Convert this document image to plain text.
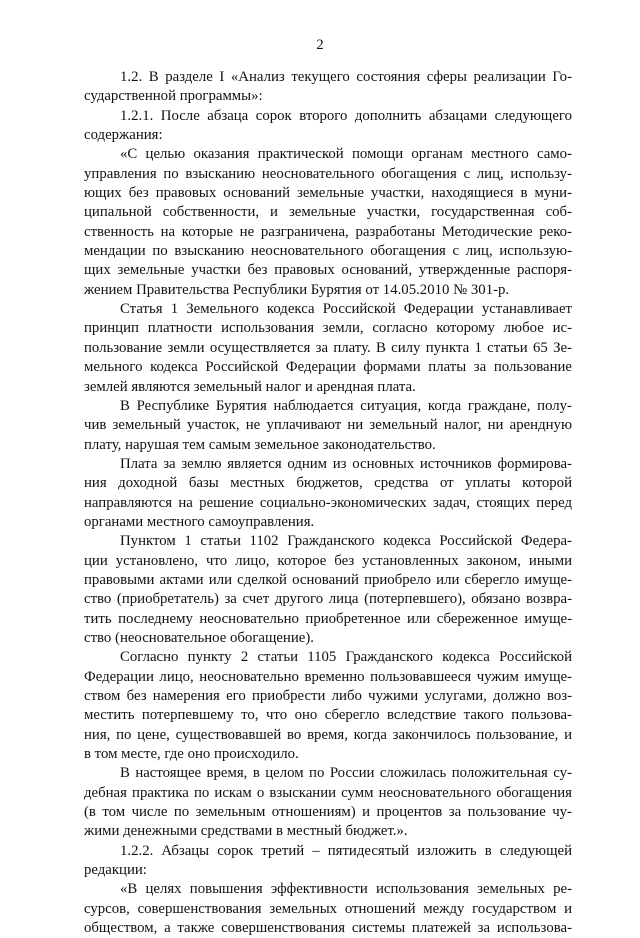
2
1.2. В разделе I «Анализ текущего состояния сферы реализации Го-
сударственной программы»:
1.2.1. После абзаца сорок второго дополнить абзацами следующего
содержания:
«С целью оказания практической помощи органам местного само-
управления по взысканию неосновательного обогащения с лиц, использу-
ющих без правовых оснований земельные участки, находящиеся в муни-
ципальной собственности, и земельные участки, государственная соб-
ственность на которые не разграничена, разработаны Методические реко-
мендации по взысканию неосновательного обогащения с лиц, использую-
щих земельные участки без правовых оснований, утвержденные распоря-
жением Правительства Республики Бурятия от 14.05.2010 № 301-р.
Статья 1 Земельного кодекса Российской Федерации устанавливает
принцип платности использования земли, согласно которому любое ис-
пользование земли осуществляется за плату. В силу пункта 1 статьи 65 Зе-
мельного кодекса Российской Федерации формами платы за пользование
землей являются земельный налог и арендная плата.
В Республике Бурятия наблюдается ситуация, когда граждане, полу-
чив земельный участок, не уплачивают ни земельный налог, ни арендную
плату, нарушая тем самым земельное законодательство.
Плата за землю является одним из основных источников формирова-
ния доходной базы местных бюджетов, средства от уплаты которой
направляются на решение социально-экономических задач, стоящих перед
органами местного самоуправления.
Пунктом 1 статьи 1102 Гражданского кодекса Российской Федера-
ции установлено, что лицо, которое без установленных законом, иными
правовыми актами или сделкой оснований приобрело или сберегло имуще-
ство (приобретатель) за счет другого лица (потерпевшего), обязано возвра-
тить последнему неосновательно приобретенное или сбереженное имуще-
ство (неосновательное обогащение).
Согласно пункту 2 статьи 1105 Гражданского кодекса Российской
Федерации лицо, неосновательно временно пользовавшееся чужим имуще-
ством без намерения его приобрести либо чужими услугами, должно воз-
местить потерпевшему то, что оно сберегло вследствие такого пользова-
ния, по цене, существовавшей во время, когда закончилось пользование, и
в том месте, где оно происходило.
В настоящее время, в целом по России сложилась положительная су-
дебная практика по искам о взыскании сумм неосновательного обогащения
(в том числе по земельным отношениям) и процентов за пользование чу-
жими денежными средствами в местный бюджет.».
1.2.2. Абзацы сорок третий – пятидесятый изложить в следующей
редакции:
«В целях повышения эффективности использования земельных ре-
сурсов, совершенствования земельных отношений между государством и
обществом, а также совершенствования системы платежей за использова-
